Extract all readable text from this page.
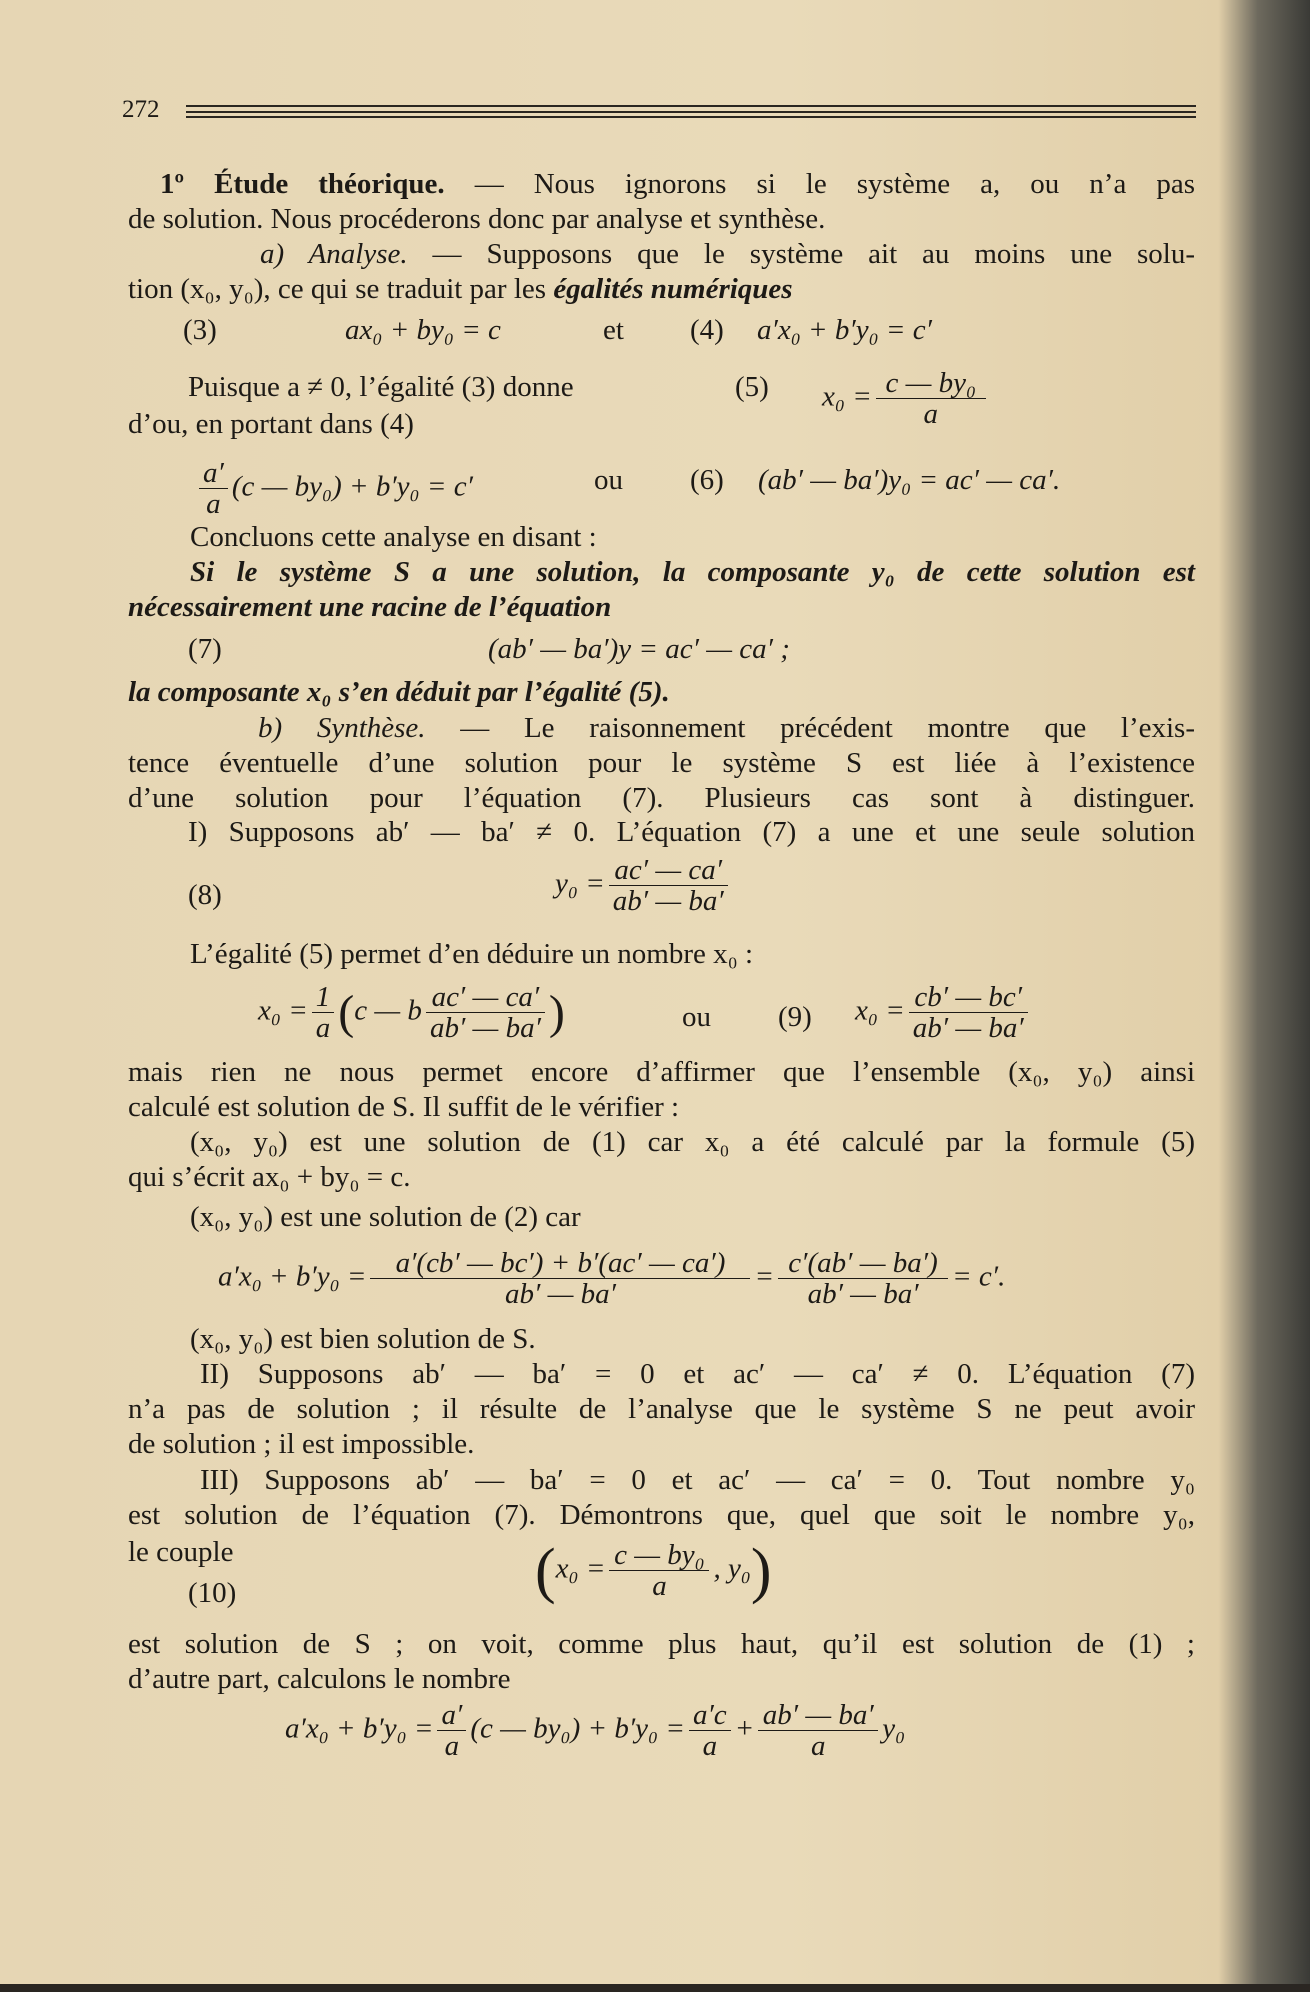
272
1º Étude théorique. — Nous ignorons si le système a, ou n’a pas
de solution. Nous procéderons donc par analyse et synthèse.
a) Analyse. — Supposons que le système ait au moins une solu-
tion (x₀, y₀), ce qui se traduit par les égalités numériques
(3)	ax₀ + by₀ = c	et (4) a′x₀ + b′y₀ = c′
Puisque a ≠ 0, l’égalité (3) donne	(5) $x_0 = \frac{\text{c — by₀}}{a}$
d’ou, en portant dans (4)
$\frac{a'}{a} (c$ — by₀) + b′y₀ = c′	ou (6) (ab′ — ba′)y₀ = ac′ — ca′.
Concluons cette analyse en disant :
Si le système S a une solution, la composante y₀ de cette solution est
nécessairement une racine de l’équation
(7)	(ab′ — ba′)y = ac′ — ca′ ;
la composante x₀ s’en déduit par l’égalité (5).
b) Synthèse. — Le raisonnement précédent montre que l’exis-
tence éventuelle d’une solution pour le système S est liée à l’existence
d’une solution pour l’équation (7). Plusieurs cas sont à distinguer.
I) Supposons ab′ — ba′ ≠ 0. L’équation (7) a une et une seule solution
(8)	$y_0 = \frac{ac' — ca'}{ab' — ba'}$
L’égalité (5) permet d’en déduire un nombre x₀ :
$x_0 = \frac{1}{a} (c$ — b $\frac{ac' — ca'}{ab' — ba'}$ )	ou (9) $x_0 = \frac{cb' — bc'}{ab' — ba'}$
mais rien ne nous permet encore d’affirmer que l’ensemble (x₀, y₀) ainsi
calculé est solution de S. Il suffit de le vérifier :
(x₀, y₀) est une solution de (1) car x₀ a été calculé par la formule (5)
qui s’écrit ax₀ + by₀ = c.
(x₀, y₀) est une solution de (2) car
$a'x_0 + b'y_0 = \frac{a'(cb' — bc') + b'(ac' — ca')}{ab' — ba'} = \frac{c'(ab' — ba')}{ab' — ba'} = c'$.
(x₀, y₀) est bien solution de S.
II) Supposons ab′ — ba′ = 0 et ac′ — ca′ ≠ 0. L’équation (7)
n’a pas de solution ; il résulte de l’analyse que le système S ne peut avoir
de solution ; il est impossible.
III) Supposons ab′ — ba′ = 0 et ac′ — ca′ = 0. Tout nombre y₀
est solution de l’équation (7). Démontrons que, quel que soit le nombre y₀,
le couple
(10)	($x_0 = \frac{\text{c — by₀}}{a}$ , y₀)
est solution de S ; on voit, comme plus haut, qu’il est solution de (1) ;
d’autre part, calculons le nombre
$a'x_0 + b'y_0 = \frac{a'}{a} (c$ — $by_0) + b'y_0 = \frac{a'c}{a} + \frac{ab' — ba'}{a} y_0$
